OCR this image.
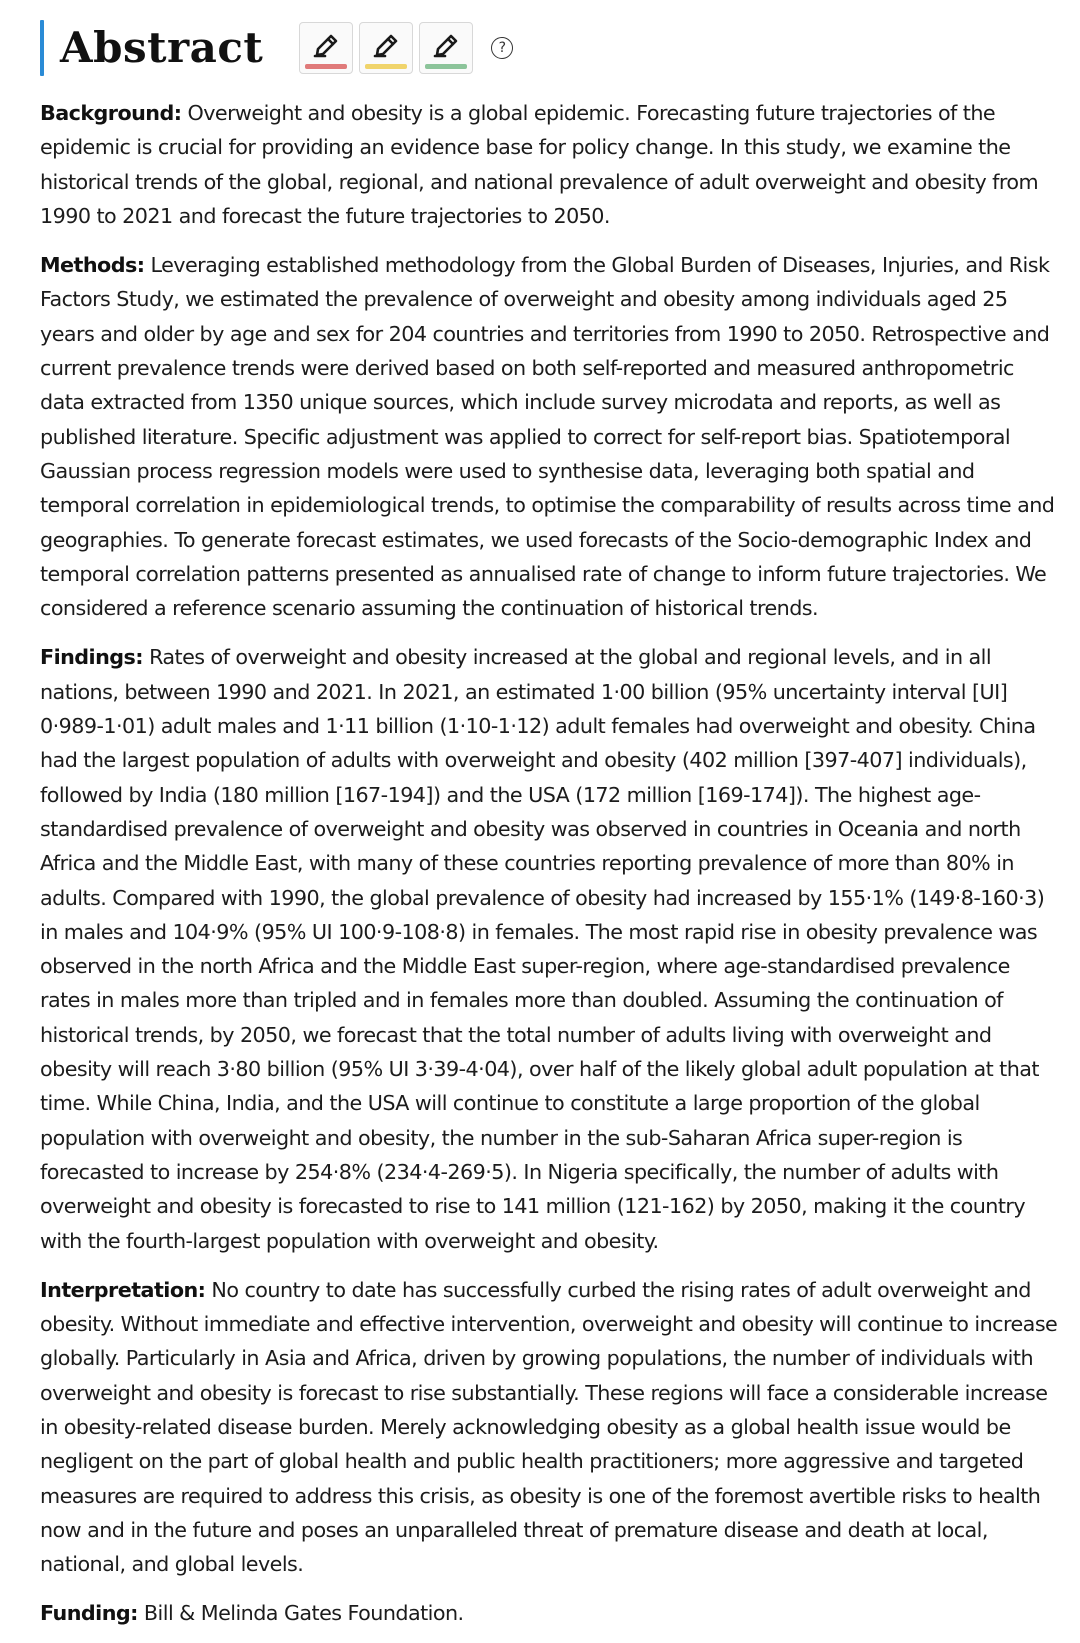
Abstract	?

Background: Overweight and obesity is a global epidemic. Forecasting future trajectories of the epidemic is crucial for providing an evidence base for policy change. In this study, we examine the historical trends of the global, regional, and national prevalence of adult overweight and obesity from 1990 to 2021 and forecast the future trajectories to 2050.

Methods: Leveraging established methodology from the Global Burden of Diseases, Injuries, and Risk Factors Study, we estimated the prevalence of overweight and obesity among individuals aged 25 years and older by age and sex for 204 countries and territories from 1990 to 2050. Retrospective and current prevalence trends were derived based on both self-reported and measured anthropometric data extracted from 1350 unique sources, which include survey microdata and reports, as well as published literature. Specific adjustment was applied to correct for self-report bias. Spatiotemporal Gaussian process regression models were used to synthesise data, leveraging both spatial and temporal correlation in epidemiological trends, to optimise the comparability of results across time and geographies. To generate forecast estimates, we used forecasts of the Socio-demographic Index and temporal correlation patterns presented as annualised rate of change to inform future trajectories. We considered a reference scenario assuming the continuation of historical trends.

Findings: Rates of overweight and obesity increased at the global and regional levels, and in all nations, between 1990 and 2021. In 2021, an estimated 1·00 billion (95% uncertainty interval [UI] 0·989-1·01) adult males and 1·11 billion (1·10-1·12) adult females had overweight and obesity. China had the largest population of adults with overweight and obesity (402 million [397-407] individuals), followed by India (180 million [167-194]) and the USA (172 million [169-174]). The highest age-standardised prevalence of overweight and obesity was observed in countries in Oceania and north Africa and the Middle East, with many of these countries reporting prevalence of more than 80% in adults. Compared with 1990, the global prevalence of obesity had increased by 155·1% (149·8-160·3) in males and 104·9% (95% UI 100·9-108·8) in females. The most rapid rise in obesity prevalence was observed in the north Africa and the Middle East super-region, where age-standardised prevalence rates in males more than tripled and in females more than doubled. Assuming the continuation of historical trends, by 2050, we forecast that the total number of adults living with overweight and obesity will reach 3·80 billion (95% UI 3·39-4·04), over half of the likely global adult population at that time. While China, India, and the USA will continue to constitute a large proportion of the global population with overweight and obesity, the number in the sub-Saharan Africa super-region is forecasted to increase by 254·8% (234·4-269·5). In Nigeria specifically, the number of adults with overweight and obesity is forecasted to rise to 141 million (121-162) by 2050, making it the country with the fourth-largest population with overweight and obesity.

Interpretation: No country to date has successfully curbed the rising rates of adult overweight and obesity. Without immediate and effective intervention, overweight and obesity will continue to increase globally. Particularly in Asia and Africa, driven by growing populations, the number of individuals with overweight and obesity is forecast to rise substantially. These regions will face a considerable increase in obesity-related disease burden. Merely acknowledging obesity as a global health issue would be negligent on the part of global health and public health practitioners; more aggressive and targeted measures are required to address this crisis, as obesity is one of the foremost avertible risks to health now and in the future and poses an unparalleled threat of premature disease and death at local, national, and global levels.

Funding: Bill & Melinda Gates Foundation.
